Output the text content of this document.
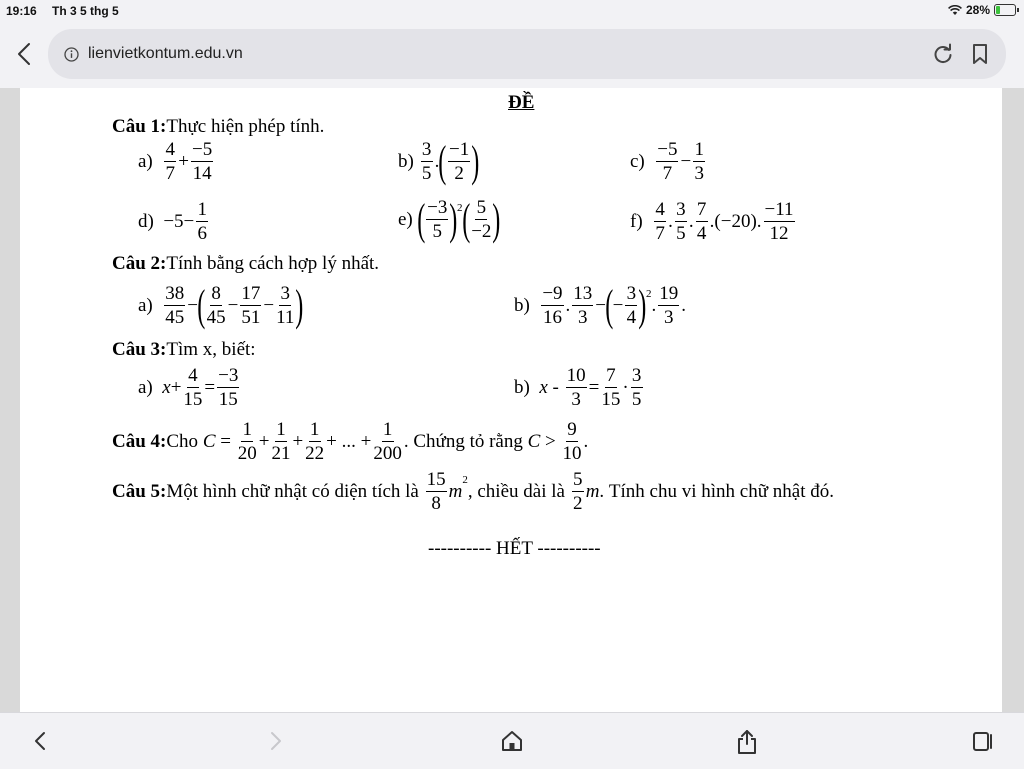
19:16 Th 3 5 thg 5	28%
lienvietkontum.edu.vn
ĐỀ
Câu 1: Thực hiện phép tính.
$a) \frac{4}{7} + \frac{-5}{14}$	$b) \frac{3}{5}$ . ( $\frac{-1}{2}$ )	$c) \frac{-5}{7} - \frac{1}{3}$
$d) -5- \frac{1}{6}$	e) ( $\frac{-3}{5}$ ) 2 ( $\frac{5}{-2}$ )	$f) \frac{4}{7}$ . $\frac{3}{5}$ . $\frac{7}{4} .(-20)$. $\frac{-11}{12}$
Câu 2: Tính bằng cách hợp lý nhất.
$a) \frac{38}{45}$ − ( $\frac{8}{45} - \frac{17}{51} - \frac{3}{11}$ )	$b) \frac{-9}{16}$ . $\frac{13}{3}$ − ( − $\frac{3}{4}$ ) 2
. $\frac{19}{3}$ .
Câu 3: Tìm x, biết:
a) $x + \frac{4}{15} = \frac{-3}{15}$	b) $x - \frac{10}{3} = \frac{7}{15} \cdot \frac{3}{5}$
Câu 4: Cho $C = \frac{1}{20} + \frac{1}{21} + \frac{1}{22}$ + ... + $\frac{1}{200}$ . Chứng tỏ rằng $C > \frac{9}{10}$ .
Câu 5: Một hình chữ nhật có diện tích là
$\frac{15}{8}$ m
2
, chiều dài là
$\frac{5}{2}$ m . Tính chu vi hình chữ nhật đó.
---------- HẾT ----------
